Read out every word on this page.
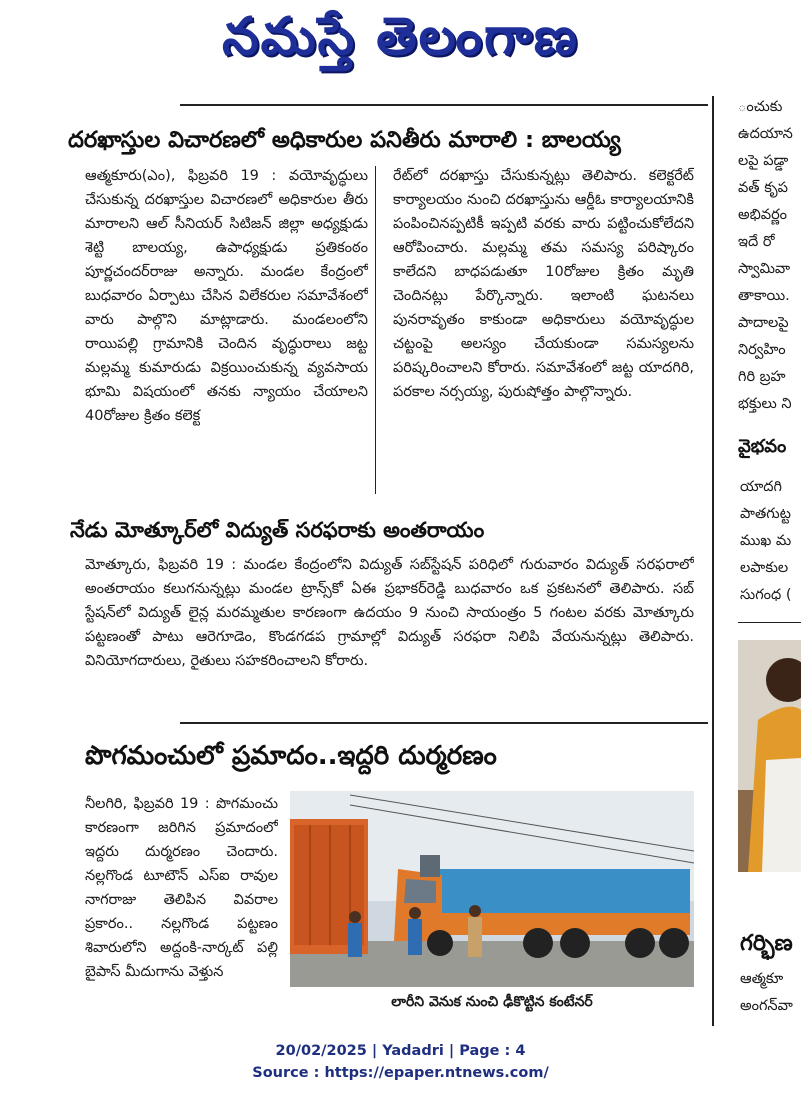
నమస్తే తెలంగాణ
దరఖాస్తుల విచారణలో అధికారుల పనితీరు మారాలి : బాలయ్య
ఆత్మకూరు(ఎం), ఫిబ్రవరి 19 : వయోవృద్ధులు చేసుకున్న దరఖాస్తుల విచారణలో అధికారుల తీరు మారాలని ఆల్ సీనియర్ సిటిజన్ జిల్లా అధ్యక్షుడు శెట్టి బాలయ్య, ఉపాధ్యక్షుడు ప్రతికంఠం పూర్ణచందర్‌రాజు అన్నారు. మండల కేంద్రంలో బుధవారం ఏర్పాటు చేసిన విలేకరుల సమావేశంలో వారు పాల్గొని మాట్లాడారు. మండలంలోని రాయిపల్లి గ్రామానికి చెందిన వృద్ధురాలు జట్ట మల్లమ్మ కుమారుడు విక్రయించుకున్న వ్యవసాయ భూమి విషయంలో తనకు న్యాయం చేయాలని 40రోజుల క్రితం కలెక్ట
రేట్‌లో దరఖాస్తు చేసుకున్నట్లు తెలిపారు. కలెక్టరేట్ కార్యాలయం నుంచి దరఖాస్తును ఆర్డీఓ కార్యాలయానికి పంపించినప్పటికీ ఇప్పటి వరకు వారు పట్టించుకోలేదని ఆరోపించారు. మల్లమ్మ తమ సమస్య పరిష్కారం కాలేదని బాధపడుతూ 10రోజుల క్రితం మృతి చెందినట్లు పేర్కొన్నారు. ఇలాంటి ఘటనలు పునరావృతం కాకుండా అధికారులు వయోవృద్ధుల చట్టంపై అలస్యం చేయకుండా సమస్యలను పరిష్కరించాలని కోరారు. సమావేశంలో జట్ట యాదగిరి, పరకాల నర్సయ్య, పురుషోత్తం పాల్గొన్నారు.
నేడు మోత్కూర్‌లో విద్యుత్ సరఫరాకు అంతరాయం
మోత్కూరు, ఫిబ్రవరి 19 : మండల కేంద్రంలోని విద్యుత్ సబ్‌స్టేషన్ పరిధిలో గురువారం విద్యుత్ సరఫరాలో అంతరాయం కలుగనున్నట్లు మండల ట్రాన్స్‌కో ఏఈ ప్రభాకర్‌రెడ్డి బుధవారం ఒక ప్రకటనలో తెలిపారు. సబ్ స్టేషన్‌లో విద్యుత్ లైన్ల మరమ్మతుల కారణంగా ఉదయం 9 నుంచి సాయంత్రం 5 గంటల వరకు మోత్కూరు పట్టణంతో పాటు ఆరెగూడెం, కొండగడప గ్రామాల్లో విద్యుత్ సరఫరా నిలిపి వేయనున్నట్లు తెలిపారు. వినియోగదారులు, రైతులు సహకరించాలని కోరారు.
పొగమంచులో ప్రమాదం..ఇద్దరి దుర్మరణం
నీలగిరి, ఫిబ్రవరి 19 : పొగమంచు కారణంగా జరిగిన ప్రమాదంలో ఇద్దరు దుర్మరణం చెందారు. నల్లగొండ టూటౌన్ ఎస్‌ఐ రావుల నాగరాజు తెలిపిన వివరాల ప్రకారం.. నల్లగొండ పట్టణం శివారులోని అద్దంకి-నార్కట్ పల్లి బైపాస్ మీదుగాను వెళ్తున
లారీని వెనుక నుంచి ఢీకొట్టిన కంటేనర్
ంచుకు
ఉదయాన
లపై పడ్డా
వత్ కృప
అభివర్ణం
ఇదే రో
స్వామివా
తాకాయి.
పాదాలపై
నిర్వహిం
గిరి బ్రహ
భక్తులు ని
వైభవం
యాదగి
పాతగుట్ట
ముఖ మ
లపాకుల
సుగంధ (
గర్భిణ
ఆత్మకూ
అంగన్‌వా
20/02/2025 | Yadadri | Page : 4
Source : https://epaper.ntnews.com/
